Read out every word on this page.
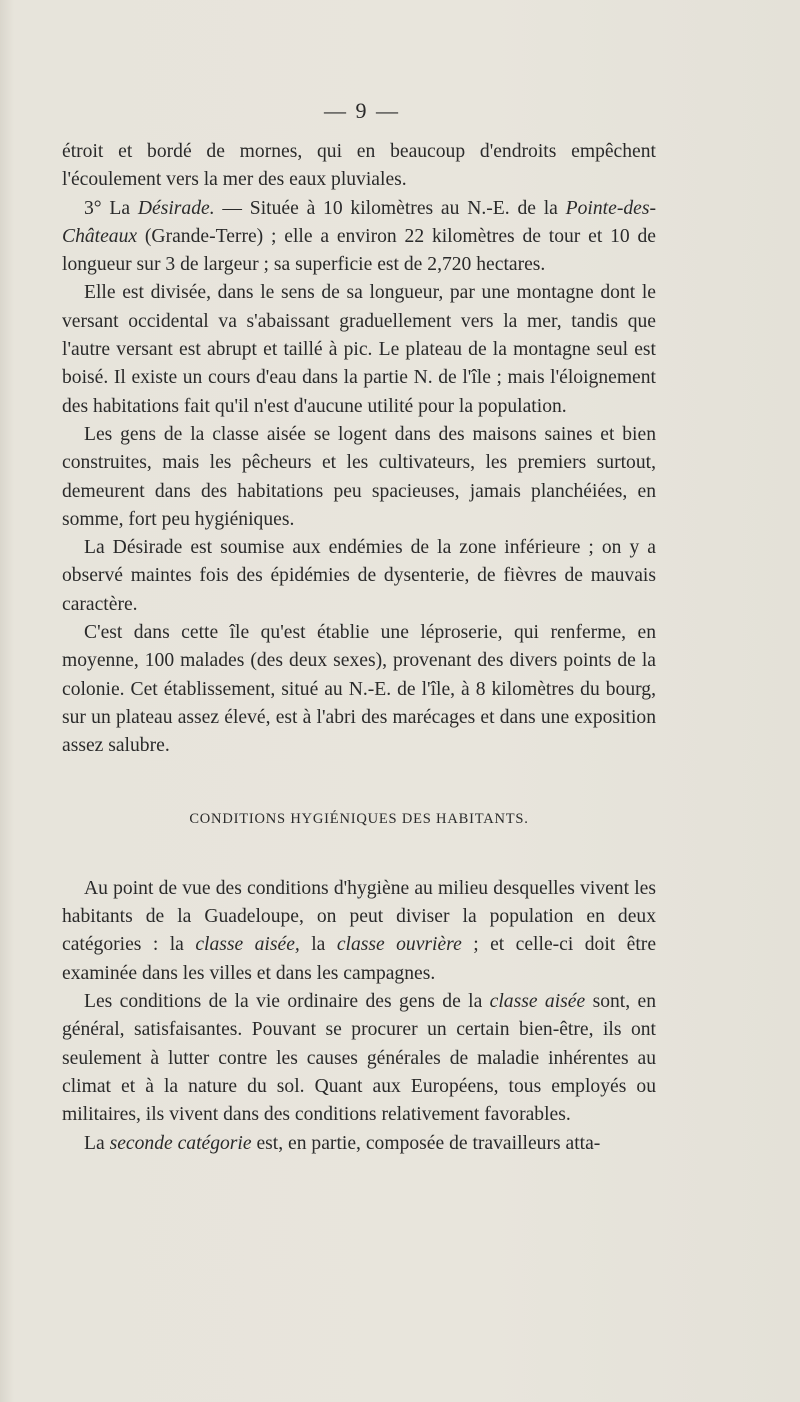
— 9 —

étroit et bordé de mornes, qui en beaucoup d'endroits empêchent l'écoulement vers la mer des eaux pluviales.

3° La Désirade. — Située à 10 kilomètres au N.-E. de la Pointe-des-Châteaux (Grande-Terre) ; elle a environ 22 kilomètres de tour et 10 de longueur sur 3 de largeur ; sa superficie est de 2,720 hectares.

Elle est divisée, dans le sens de sa longueur, par une montagne dont le versant occidental va s'abaissant graduellement vers la mer, tandis que l'autre versant est abrupt et taillé à pic. Le plateau de la montagne seul est boisé. Il existe un cours d'eau dans la partie N. de l'île ; mais l'éloignement des habitations fait qu'il n'est d'aucune utilité pour la population.

Les gens de la classe aisée se logent dans des maisons saines et bien construites, mais les pêcheurs et les cultivateurs, les premiers surtout, demeurent dans des habitations peu spacieuses, jamais planchéiées, en somme, fort peu hygiéniques.

La Désirade est soumise aux endémies de la zone inférieure ; on y a observé maintes fois des épidémies de dysenterie, de fièvres de mauvais caractère.

C'est dans cette île qu'est établie une léproserie, qui renferme, en moyenne, 100 malades (des deux sexes), provenant des divers points de la colonie. Cet établissement, situé au N.-E. de l'île, à 8 kilomètres du bourg, sur un plateau assez élevé, est à l'abri des marécages et dans une exposition assez salubre.

CONDITIONS HYGIÉNIQUES DES HABITANTS.

Au point de vue des conditions d'hygiène au milieu desquelles vivent les habitants de la Guadeloupe, on peut diviser la population en deux catégories : la classe aisée, la classe ouvrière ; et celle-ci doit être examinée dans les villes et dans les campagnes.

Les conditions de la vie ordinaire des gens de la classe aisée sont, en général, satisfaisantes. Pouvant se procurer un certain bien-être, ils ont seulement à lutter contre les causes générales de maladie inhérentes au climat et à la nature du sol. Quant aux Européens, tous employés ou militaires, ils vivent dans des conditions relativement favorables.

La seconde catégorie est, en partie, composée de travailleurs atta-
